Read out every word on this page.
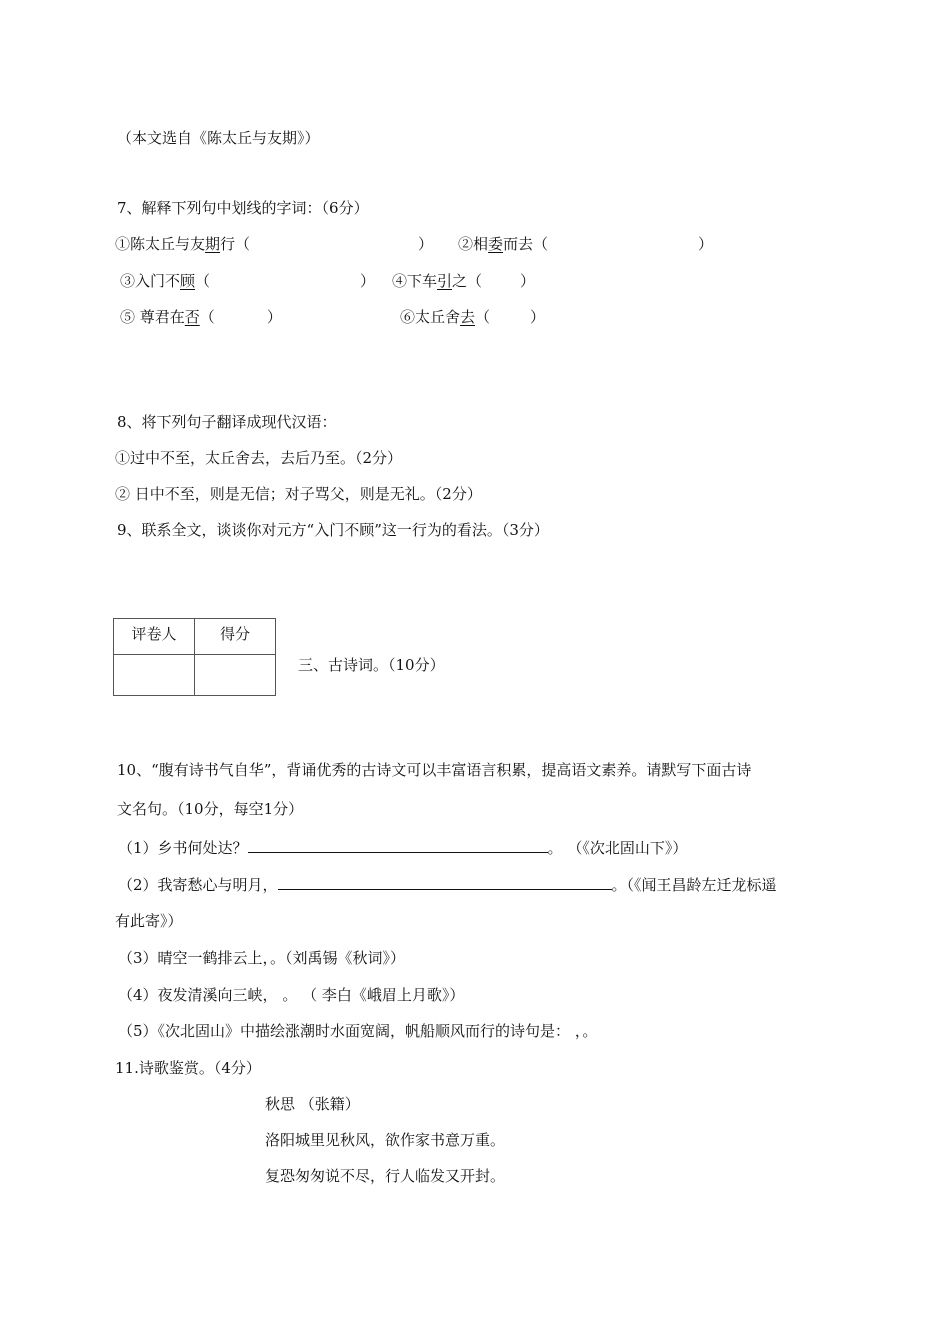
（本文选自《陈太丘与友期》）
7、解释下列句中划线的字词：（6分）
①陈太丘与友期行（	） ②相委而去（	）
③入门不顾（	） ④下车引之（	）
⑤ 尊君在否（	）	⑥太丘舍去（	）
8、将下列句子翻译成现代汉语：
①过中不至，太丘舍去，去后乃至。（2分）
② 日中不至，则是无信；对子骂父，则是无礼。（2分）
9、联系全文，谈谈你对元方“入门不顾”这一行为的看法。（3分）
评卷人	得分

三、古诗词。（10分）
10、“腹有诗书气自华”，背诵优秀的古诗文可以丰富语言积累，提高语文素养。请默写下面古诗
文名句。（10分，每空1分）
（1）乡书何处达？	。 （《次北固山下》）
（2）我寄愁心与明月，	。（《闻王昌龄左迁龙标遥
有此寄》）
（3）晴空一鹤排云上，。（刘禹锡《秋词》）
（4）夜发清溪向三峡， 。 （ 李白《峨眉上月歌》）
（5）《次北固山》中描绘涨潮时水面宽阔，帆船顺风而行的诗句是： ，。
11.诗歌鉴赏。（4分）
秋思 （张籍）
洛阳城里见秋风，欲作家书意万重。
复恐匆匆说不尽，行人临发又开封。
